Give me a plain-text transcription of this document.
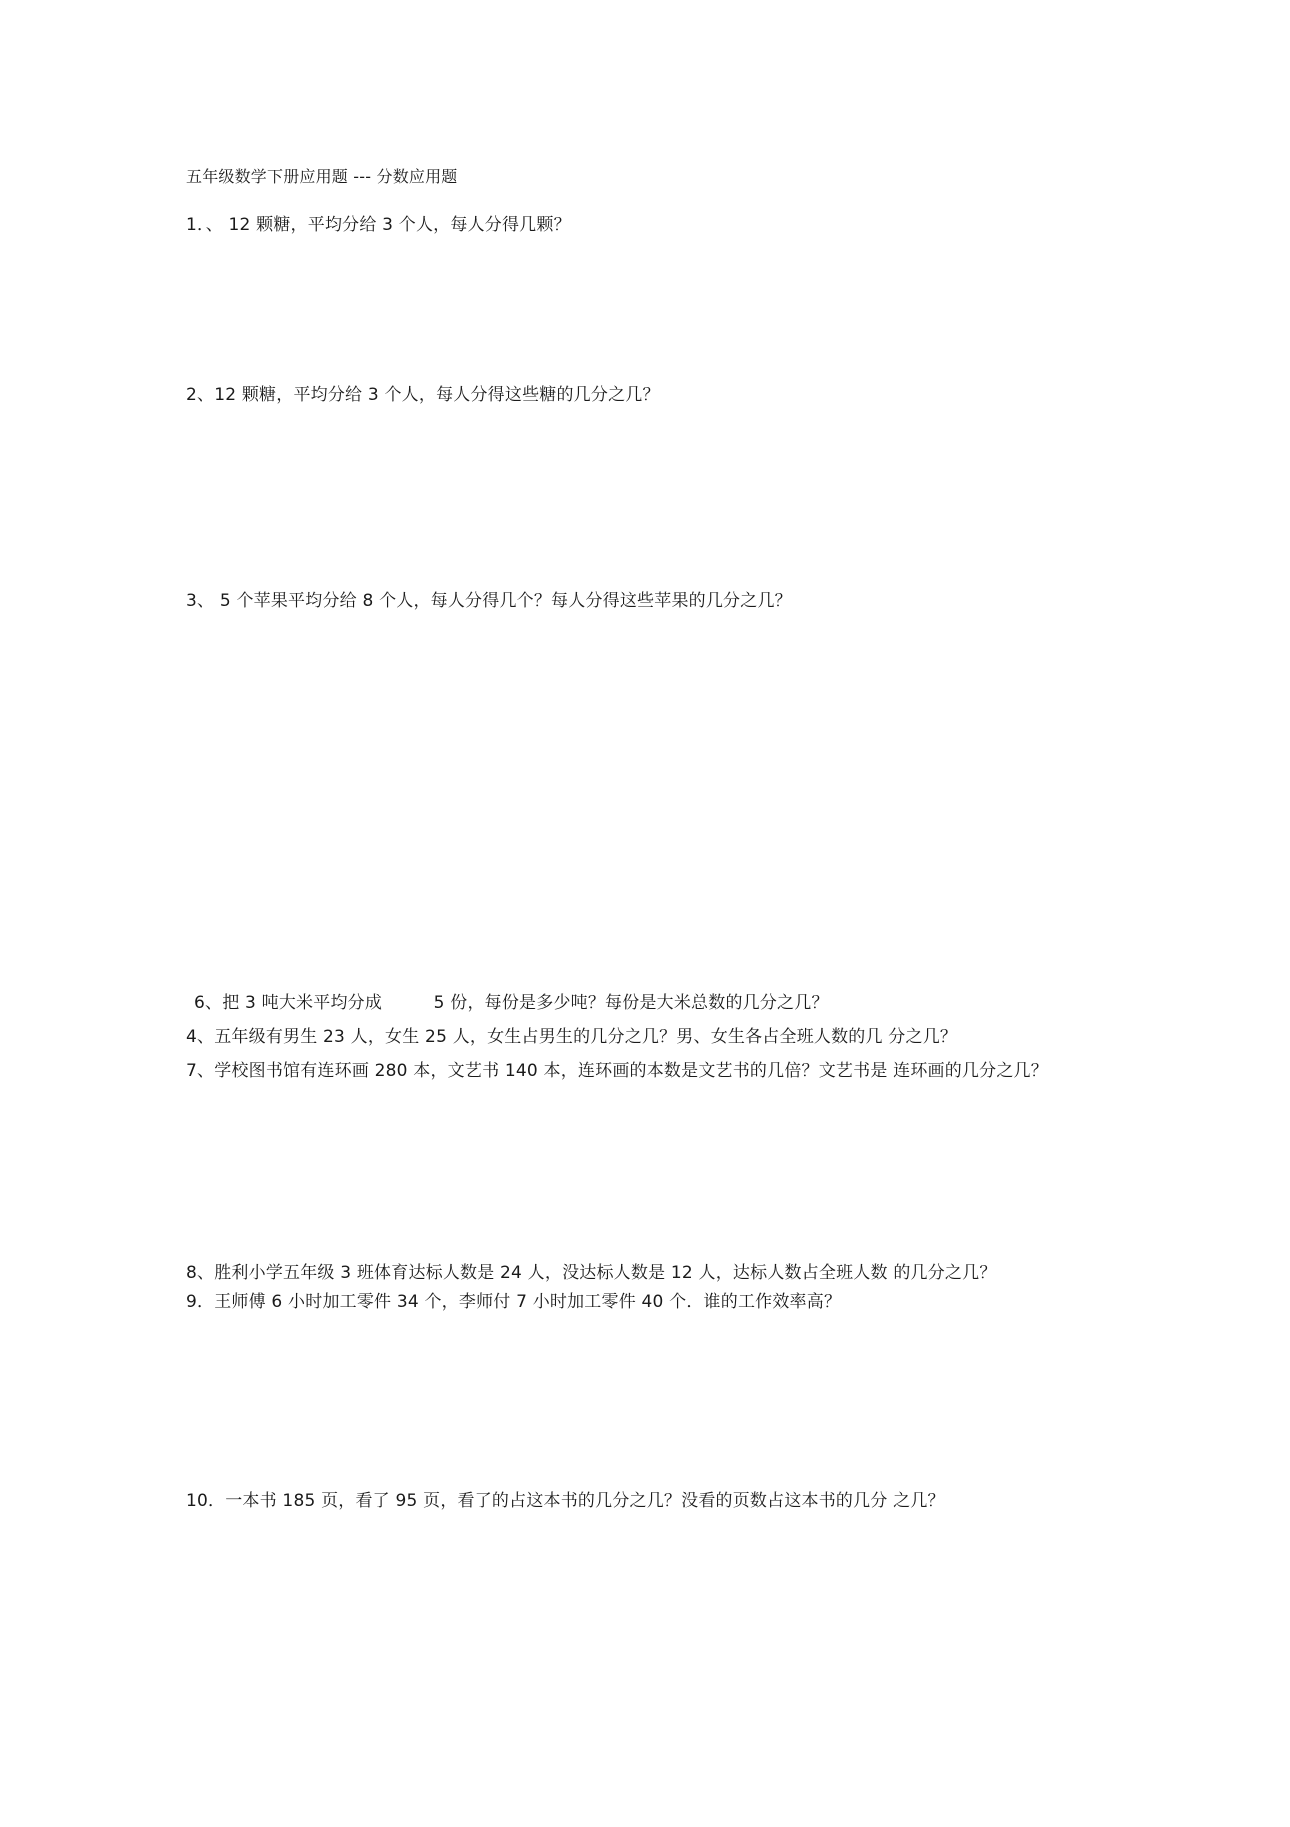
五年级数学下册应用题 --- 分数应用题
1．、 12 颗糖，平均分给 3 个人，每人分得几颗？
2、12 颗糖，平均分给 3 个人，每人分得这些糖的几分之几？
3、 5 个苹果平均分给 8 个人，每人分得几个？每人分得这些苹果的几分之几？
6、把 3 吨大米平均分成　　　5 份，每份是多少吨？每份是大米总数的几分之几？
4、五年级有男生 23 人，女生 25 人，女生占男生的几分之几？男、女生各占全班人数的几 分之几？
7、学校图书馆有连环画 280 本，文艺书 140 本，连环画的本数是文艺书的几倍？文艺书是 连环画的几分之几？
8、胜利小学五年级 3 班体育达标人数是 24 人，没达标人数是 12 人，达标人数占全班人数 的几分之几？
9．王师傅 6 小时加工零件 34 个，李师付 7 小时加工零件 40 个．谁的工作效率高？
10．一本书 185 页，看了 95 页，看了的占这本书的几分之几？没看的页数占这本书的几分 之几？
